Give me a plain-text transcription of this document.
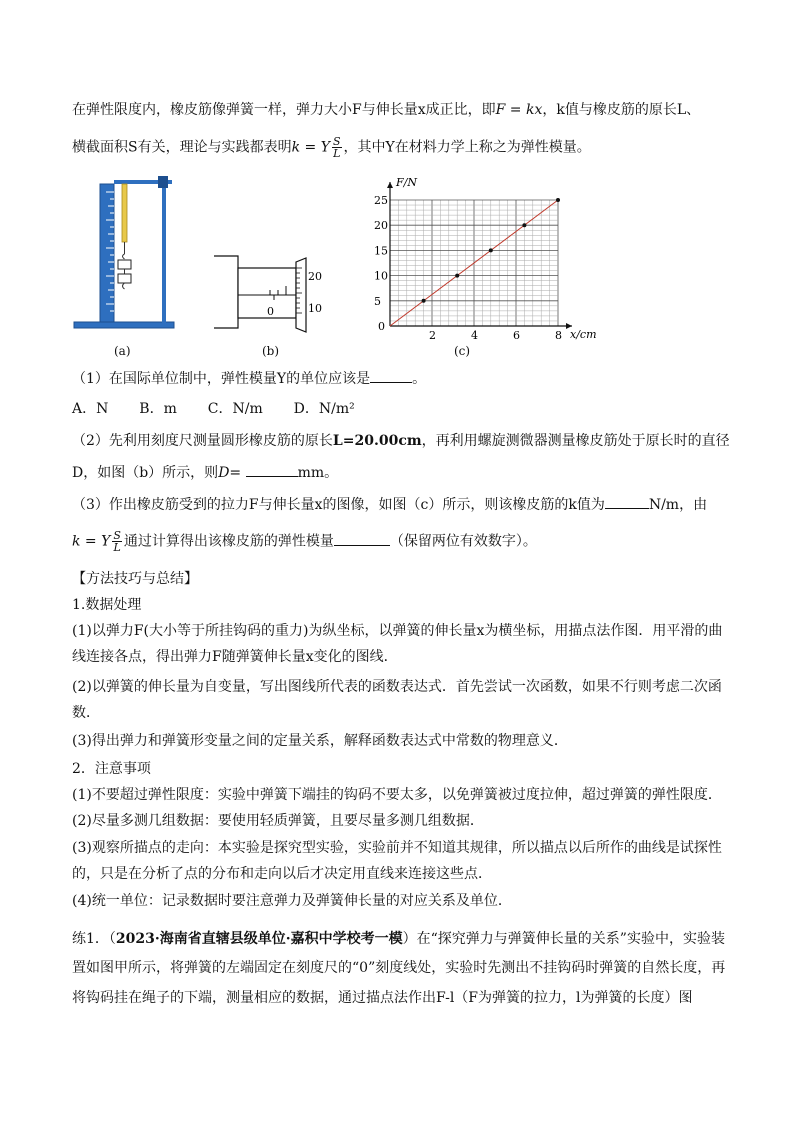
在弹性限度内，橡皮筋像弹簧一样，弹力大小F与伸长量x成正比，即F = kx，k值与橡皮筋的原长L、
横截面积S有关，理论与实践都表明k = Y $\frac{S}{L}$ ，其中Y在材料力学上称之为弹性模量。
(a)
0
20
10
(b)
F/N
x/cm
0
2	4	6	8
5
10
15
20
25
(c)
（1）在国际单位制中，弹性模量Y的单位应该是	。
A．N B．m C．N/m D．N/m²
（2）先利用刻度尺测量圆形橡皮筋的原长L=20.00cm，再利用螺旋测微器测量橡皮筋处于原长时的直径
D，如图（b）所示，则D=	mm。
（3）作出橡皮筋受到的拉力F与伸长量x的图像，如图（c）所示，则该橡皮筋的k值为	N/m，由
k = Y $\frac{S}{L}$ 通过计算得出该橡皮筋的弹性模量	（保留两位有效数字）。
【方法技巧与总结】
1.数据处理
(1)以弹力F(大小等于所挂钩码的重力)为纵坐标，以弹簧的伸长量x为横坐标，用描点法作图．用平滑的曲
线连接各点，得出弹力F随弹簧伸长量x变化的图线．
(2)以弹簧的伸长量为自变量，写出图线所代表的函数表达式．首先尝试一次函数，如果不行则考虑二次函
数．
(3)得出弹力和弹簧形变量之间的定量关系，解释函数表达式中常数的物理意义．
2．注意事项
(1)不要超过弹性限度：实验中弹簧下端挂的钩码不要太多，以免弹簧被过度拉伸，超过弹簧的弹性限度．
(2)尽量多测几组数据：要使用轻质弹簧，且要尽量多测几组数据．
(3)观察所描点的走向：本实验是探究型实验，实验前并不知道其规律，所以描点以后所作的曲线是试探性
的，只是在分析了点的分布和走向以后才决定用直线来连接这些点．
(4)统一单位：记录数据时要注意弹力及弹簧伸长量的对应关系及单位．
练1．（2023·海南省直辖县级单位·嘉积中学校考一模）在“探究弹力与弹簧伸长量的关系”实验中，实验装
置如图甲所示，将弹簧的左端固定在刻度尺的“0”刻度线处，实验时先测出不挂钩码时弹簧的自然长度，再
将钩码挂在绳子的下端，测量相应的数据，通过描点法作出F-l（F为弹簧的拉力，l为弹簧的长度）图
